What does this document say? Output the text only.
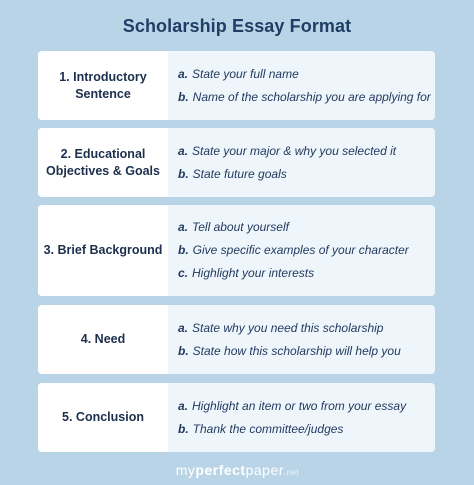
Scholarship Essay Format
1. Introductory
Sentence
a. State your full name
b. Name of the scholarship you are applying for
2. Educational
Objectives & Goals
a. State your major & why you selected it
b. State future goals
3. Brief Background
a. Tell about yourself
b. Give specific examples of your character
c. Highlight your interests
4. Need
a. State why you need this scholarship
b. State how this scholarship will help you
5. Conclusion
a. Highlight an item or two from your essay
b. Thank the committee/judges
myperfectpaper.net
